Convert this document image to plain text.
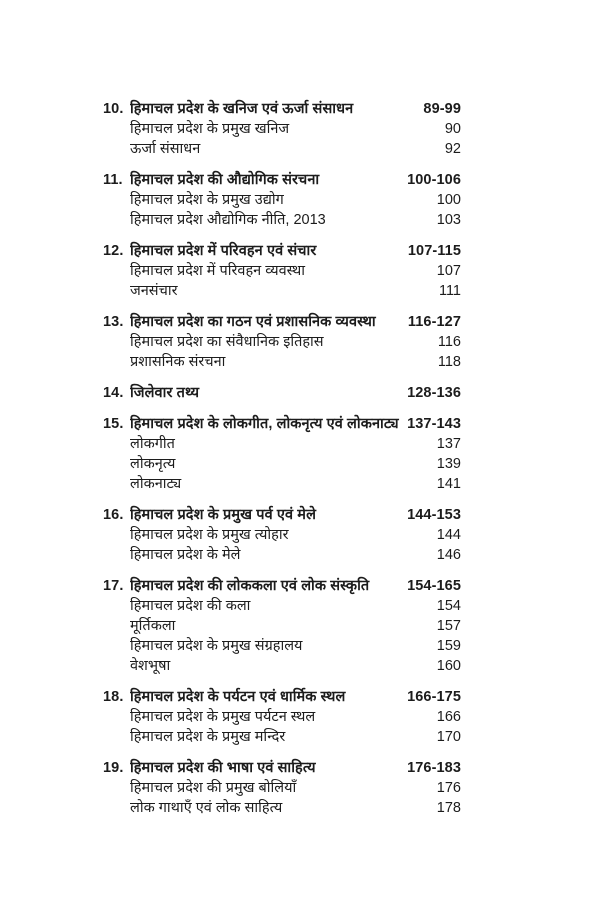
10. हिमाचल प्रदेश के खनिज एवं ऊर्जा संसाधन	89-99
हिमाचल प्रदेश के प्रमुख खनिज	90
ऊर्जा संसाधन	92
11. हिमाचल प्रदेश की औद्योगिक संरचना	100-106
हिमाचल प्रदेश के प्रमुख उद्योग	100
हिमाचल प्रदेश औद्योगिक नीति, 2013	103
12. हिमाचल प्रदेश में परिवहन एवं संचार	107-115
हिमाचल प्रदेश में परिवहन व्यवस्था	107
जनसंचार	111
13. हिमाचल प्रदेश का गठन एवं प्रशासनिक व्यवस्था	116-127
हिमाचल प्रदेश का संवैधानिक इतिहास	116
प्रशासनिक संरचना	118
14. जिलेवार तथ्य	128-136
15. हिमाचल प्रदेश के लोकगीत, लोकनृत्य एवं लोकनाट्य 137-143
लोकगीत	137
लोकनृत्य	139
लोकनाट्य	141
16. हिमाचल प्रदेश के प्रमुख पर्व एवं मेले	144-153
हिमाचल प्रदेश के प्रमुख त्योहार	144
हिमाचल प्रदेश के मेले	146
17. हिमाचल प्रदेश की लोककला एवं लोक संस्कृति	154-165
हिमाचल प्रदेश की कला	154
मूर्तिकला	157
हिमाचल प्रदेश के प्रमुख संग्रहालय	159
वेशभूषा	160
18. हिमाचल प्रदेश के पर्यटन एवं धार्मिक स्थल	166-175
हिमाचल प्रदेश के प्रमुख पर्यटन स्थल	166
हिमाचल प्रदेश के प्रमुख मन्दिर	170
19. हिमाचल प्रदेश की भाषा एवं साहित्य	176-183
हिमाचल प्रदेश की प्रमुख बोलियाँ	176
लोक गाथाएँ एवं लोक साहित्य	178
